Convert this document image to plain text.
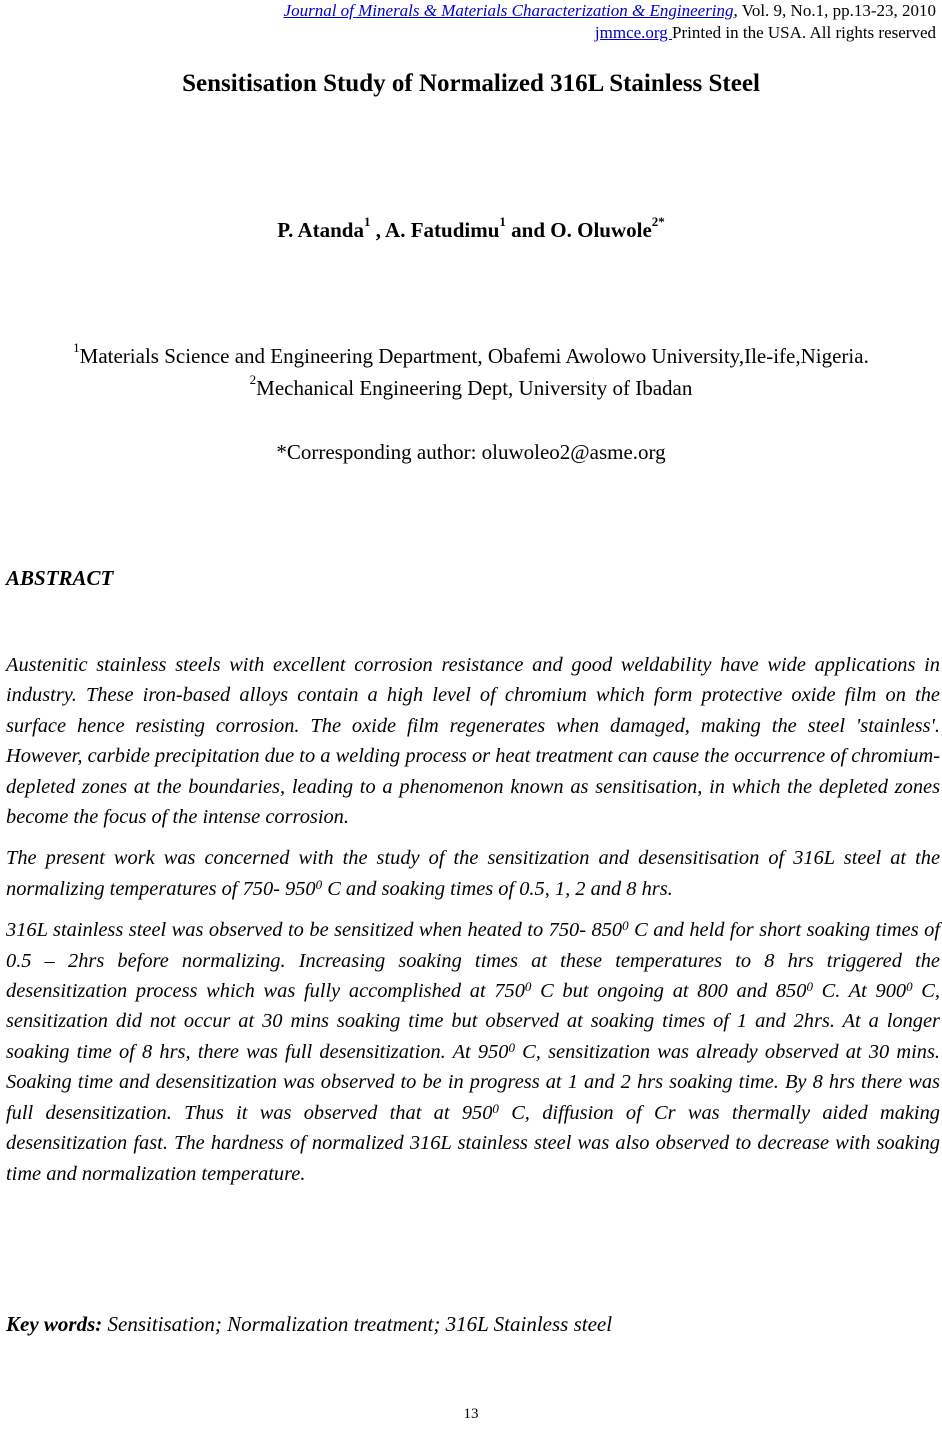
Journal of Minerals & Materials Characterization & Engineering, Vol. 9, No.1, pp.13-23, 2010
jmmce.org Printed in the USA. All rights reserved
Sensitisation Study of Normalized 316L Stainless Steel
P. Atanda$^1$ , A. Fatudimu$^1$ and O. Oluwole$^{2*}$
$^1$Materials Science and Engineering Department, Obafemi Awolowo University,Ile-ife,Nigeria.
$^2$Mechanical Engineering Dept, University of Ibadan
*Corresponding author: oluwoleo2@asme.org
ABSTRACT

Austenitic stainless steels with excellent corrosion resistance and good weldability have wide applications in industry. These iron-based alloys contain a high level of chromium which form protective oxide film on the surface hence resisting corrosion. The oxide film regenerates when damaged, making the steel 'stainless'. However, carbide precipitation due to a welding process or heat treatment can cause the occurrence of chromium-depleted zones at the boundaries, leading to a phenomenon known as sensitisation, in which the depleted zones become the focus of the intense corrosion.

The present work was concerned with the study of the sensitization and desensitisation of 316L steel at the normalizing temperatures of 750- $950^0$ C and soaking times of 0.5, 1, 2 and 8 hrs.

316L stainless steel was observed to be sensitized when heated to 750- $850^0$ C and held for short soaking times of 0.5 – 2hrs before normalizing. Increasing soaking times at these temperatures to 8 hrs triggered the desensitization process which was fully accomplished at $750^0$ C but ongoing at 800 and $850^0$ C. At $900^0$ C, sensitization did not occur at 30 mins soaking time but observed at soaking times of 1 and 2hrs. At a longer soaking time of 8 hrs, there was full desensitization. At $950^0$ C, sensitization was already observed at 30 mins. Soaking time and desensitization was observed to be in progress at 1 and 2 hrs soaking time. By 8 hrs there was full desensitization. Thus it was observed that at $950^0$ C, diffusion of Cr was thermally aided making desensitization fast. The hardness of normalized 316L stainless steel was also observed to decrease with soaking time and normalization temperature.

Key words: Sensitisation; Normalization treatment; 316L Stainless steel
13
